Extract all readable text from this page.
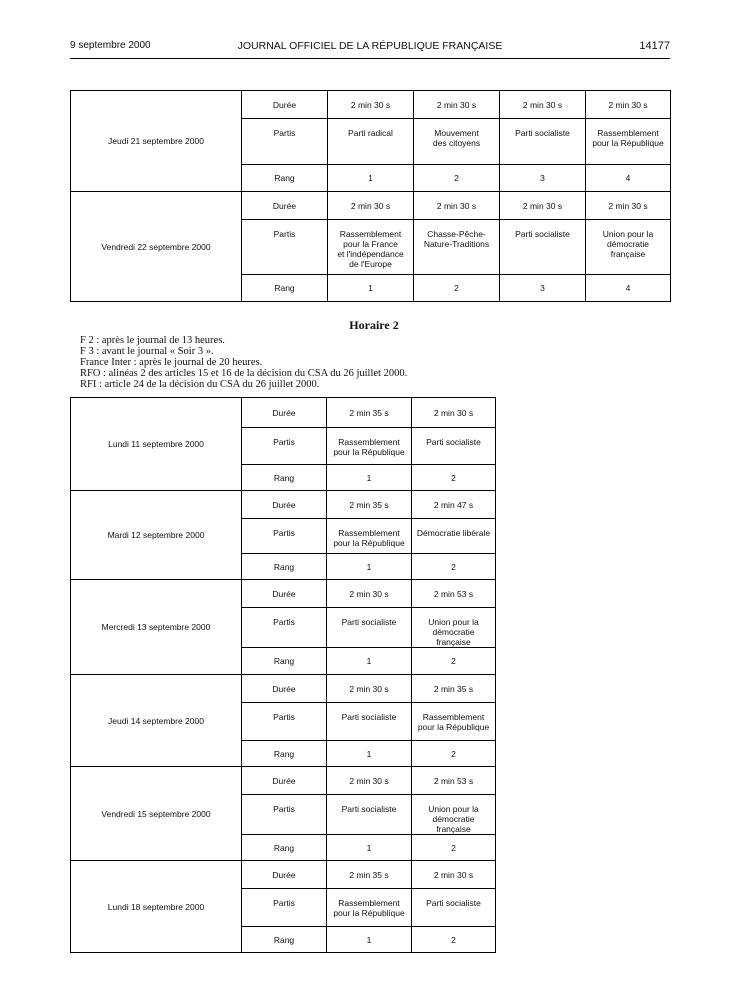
9 septembre 2000	JOURNAL OFFICIEL DE LA RÉPUBLIQUE FRANÇAISE	14177
Jeudi 21 septembre 2000	Durée	2 min 30 s	2 min 30 s	2 min 30 s	2 min 30 s
	Partis	Parti radical	Mouvement
des citoyens	Parti socialiste	Rassemblement
pour la République
	Rang	1	2	3	4
Vendredi 22 septembre 2000	Durée	2 min 30 s	2 min 30 s	2 min 30 s	2 min 30 s
	Partis	Rassemblement
pour la France
et l'indépendance
de l'Europe	Chasse-Pêche-
Nature-Traditions	Parti socialiste	Union pour la
démocratie française
	Rang	1	2	3	4
Horaire 2
F 2 : après le journal de 13 heures.
F 3 : avant le journal « Soir 3 ».
France Inter : après le journal de 20 heures.
RFO : alinéas 2 des articles 15 et 16 de la décision du CSA du 26 juillet 2000.
RFI : article 24 de la décision du CSA du 26 juillet 2000.
Lundi 11 septembre 2000	Durée	2 min 35 s	2 min 30 s
	Partis	Rassemblement
pour la République	Parti socialiste
	Rang	1	2
Mardi 12 septembre 2000	Durée	2 min 35 s	2 min 47 s
	Partis	Rassemblement
pour la République	Démocratie libérale
	Rang	1	2
Mercredi 13 septembre 2000	Durée	2 min 30 s	2 min 53 s
	Partis	Parti socialiste	Union pour la
démocratie française
	Rang	1	2
Jeudi 14 septembre 2000	Durée	2 min 30 s	2 min 35 s
	Partis	Parti socialiste	Rassemblement
pour la République
	Rang	1	2
Vendredi 15 septembre 2000	Durée	2 min 30 s	2 min 53 s
	Partis	Parti socialiste	Union pour la
démocratie française
	Rang	1	2
Lundi 18 septembre 2000	Durée	2 min 35 s	2 min 30 s
	Partis	Rassemblement
pour la République	Parti socialiste
	Rang	1	2
